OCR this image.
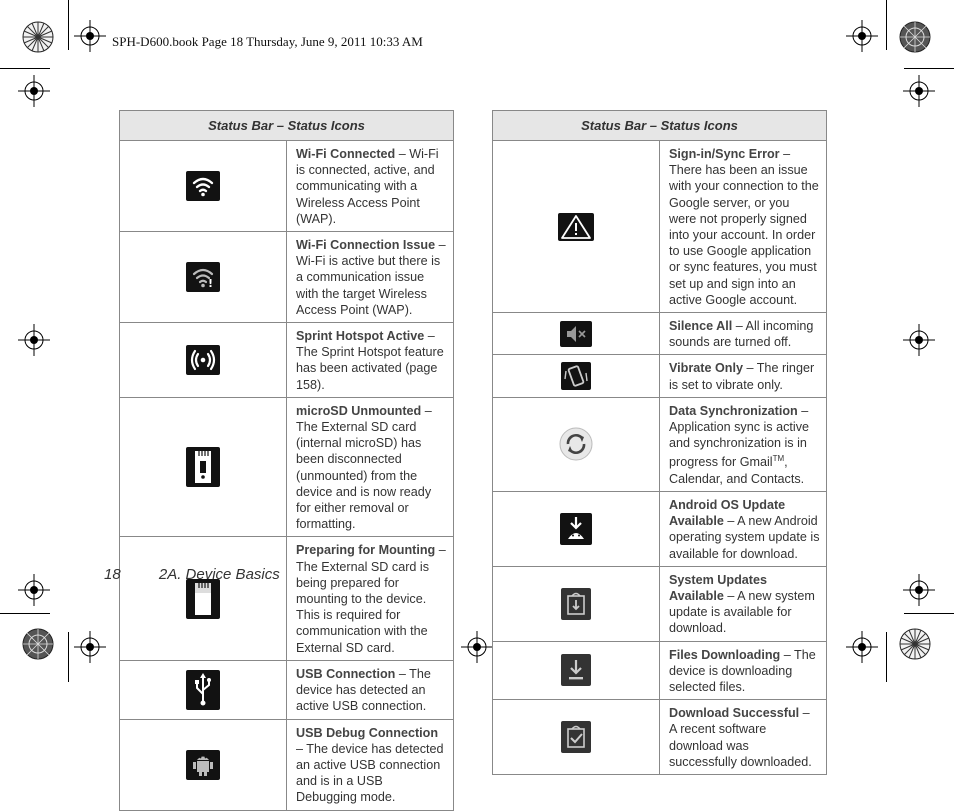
SPH-D600.book Page 18 Thursday, June 9, 2011 10:33 AM
Status Bar – Status Icons	

	Wi-Fi Connected – Wi-Fi is connected, active, and communicating with a Wireless Access Point (WAP).

!	Wi-Fi Connection Issue – Wi-Fi is active but there is a communication issue with the target Wireless Access Point (WAP).

	Sprint Hotspot Active – The Sprint Hotspot feature has been activated (page 158).

	microSD Unmounted – The External SD card (internal microSD) has been disconnected (unmounted) from the device and is now ready for either removal or formatting.

	Preparing for Mounting – The External SD card is being prepared for mounting to the device. This is required for communication with the External SD card.

	USB Connection – The device has detected an active USB connection.

	USB Debug Connection – The device has detected an active USB connection and is in a USB Debugging mode.
Status Bar – Status Icons	

	Sign-in/Sync Error – There has been an issue with your connection to the Google server, or you were not properly signed into your account. In order to use Google application or sync features, you must set up and sign into an active Google account.

	Silence All – All incoming sounds are turned off.

	Vibrate Only – The ringer is set to vibrate only.

	Data Synchronization – Application sync is active and synchronization is in progress for Gmail™, Calendar, and Contacts.

	Android OS Update Available – A new Android operating system update is available for download.

	System Updates Available – A new system update is available for download.

	Files Downloading – The device is downloading selected files.

	Download Successful – A recent software download was successfully downloaded.
18	2A. Device Basics
